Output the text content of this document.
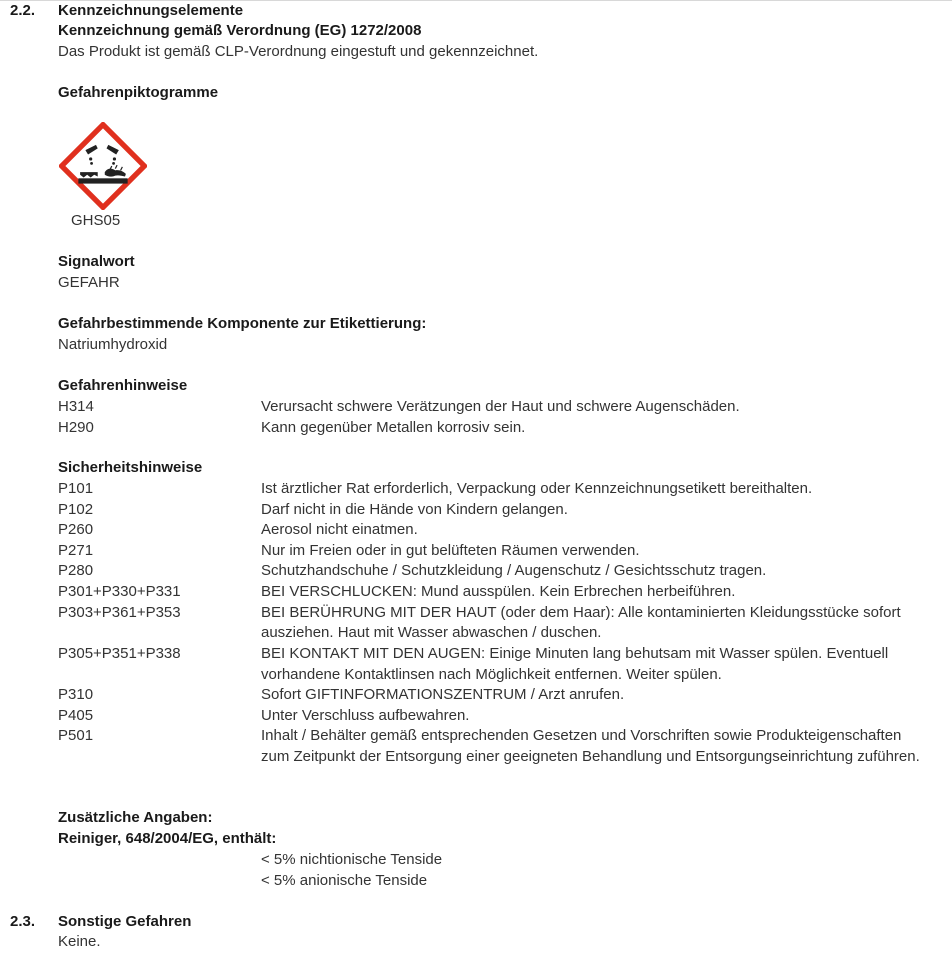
2.2. Kennzeichnungselemente
Kennzeichnung gemäß Verordnung (EG) 1272/2008
Das Produkt ist gemäß CLP-Verordnung eingestuft und gekennzeichnet.
Gefahrenpiktogramme
GHS05
Signalwort
GEFAHR
Gefahrbestimmende Komponente zur Etikettierung:
Natriumhydroxid
Gefahrenhinweise
H314	Verursacht schwere Verätzungen der Haut und schwere Augenschäden.
H290	Kann gegenüber Metallen korrosiv sein.
Sicherheitshinweise
P101	Ist ärztlicher Rat erforderlich, Verpackung oder Kennzeichnungsetikett bereithalten.
P102	Darf nicht in die Hände von Kindern gelangen.
P260	Aerosol nicht einatmen.
P271	Nur im Freien oder in gut belüfteten Räumen verwenden.
P280	Schutzhandschuhe / Schutzkleidung / Augenschutz / Gesichtsschutz tragen.
P301+P330+P331	BEI VERSCHLUCKEN: Mund ausspülen. Kein Erbrechen herbeiführen.
P303+P361+P353	BEI BERÜHRUNG MIT DER HAUT (oder dem Haar): Alle kontaminierten Kleidungsstücke sofort ausziehen. Haut mit Wasser abwaschen / duschen.
P305+P351+P338	BEI KONTAKT MIT DEN AUGEN: Einige Minuten lang behutsam mit Wasser spülen. Eventuell vorhandene Kontaktlinsen nach Möglichkeit entfernen. Weiter spülen.
P310	Sofort GIFTINFORMATIONSZENTRUM / Arzt anrufen.
P405	Unter Verschluss aufbewahren.
P501	Inhalt / Behälter gemäß entsprechenden Gesetzen und Vorschriften sowie Produkteigenschaften zum Zeitpunkt der Entsorgung einer geeigneten Behandlung und Entsorgungseinrichtung zuführen.
Zusätzliche Angaben:
Reiniger, 648/2004/EG, enthält:
< 5% nichtionische Tenside
< 5% anionische Tenside
2.3. Sonstige Gefahren
Keine.
